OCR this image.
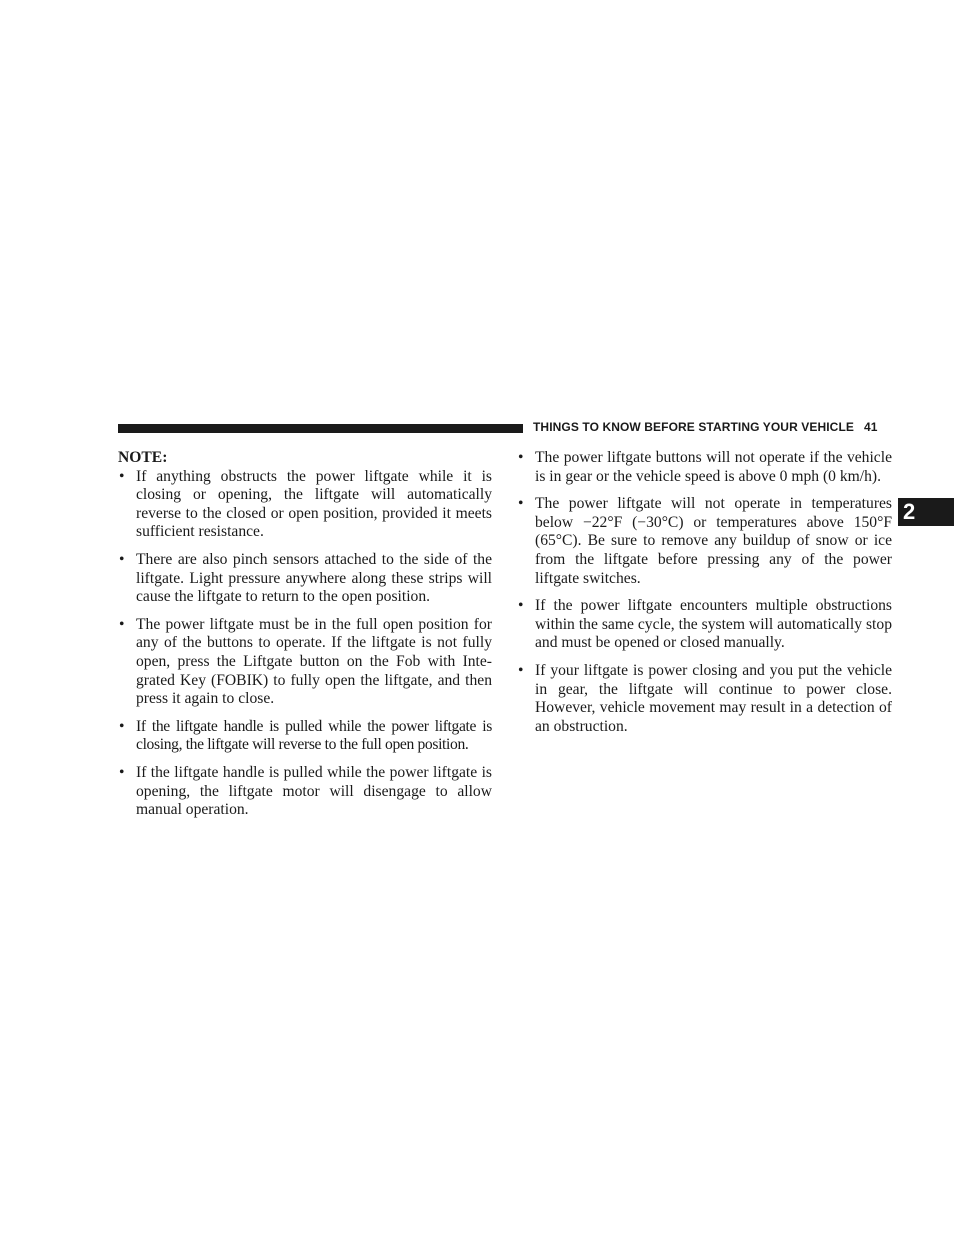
THINGS TO KNOW BEFORE STARTING YOUR VEHICLE 41
2
NOTE:
• If anything obstructs the power liftgate while it is closing or opening, the liftgate will automatically reverse to the closed or open position, provided it meets sufficient resistance.
• There are also pinch sensors attached to the side of the liftgate. Light pressure anywhere along these strips will cause the liftgate to return to the open position.
• The power liftgate must be in the full open position for any of the buttons to operate. If the liftgate is not fully open, press the Liftgate button on the Fob with Inte- grated Key (FOBIK) to fully open the liftgate, and then press it again to close.
• If the liftgate handle is pulled while the power liftgate is closing, the liftgate will reverse to the full open position.
• If the liftgate handle is pulled while the power liftgate is opening, the liftgate motor will disengage to allow manual operation.
• The power liftgate buttons will not operate if the vehicle is in gear or the vehicle speed is above 0 mph (0 km/h).
• The power liftgate will not operate in temperatures below −22°F (−30°C) or temperatures above 150°F (65°C). Be sure to remove any buildup of snow or ice from the liftgate before pressing any of the power liftgate switches.
• If the power liftgate encounters multiple obstructions within the same cycle, the system will automatically stop and must be opened or closed manually.
• If your liftgate is power closing and you put the vehicle in gear, the liftgate will continue to power close. However, vehicle movement may result in a detection of an obstruction.
